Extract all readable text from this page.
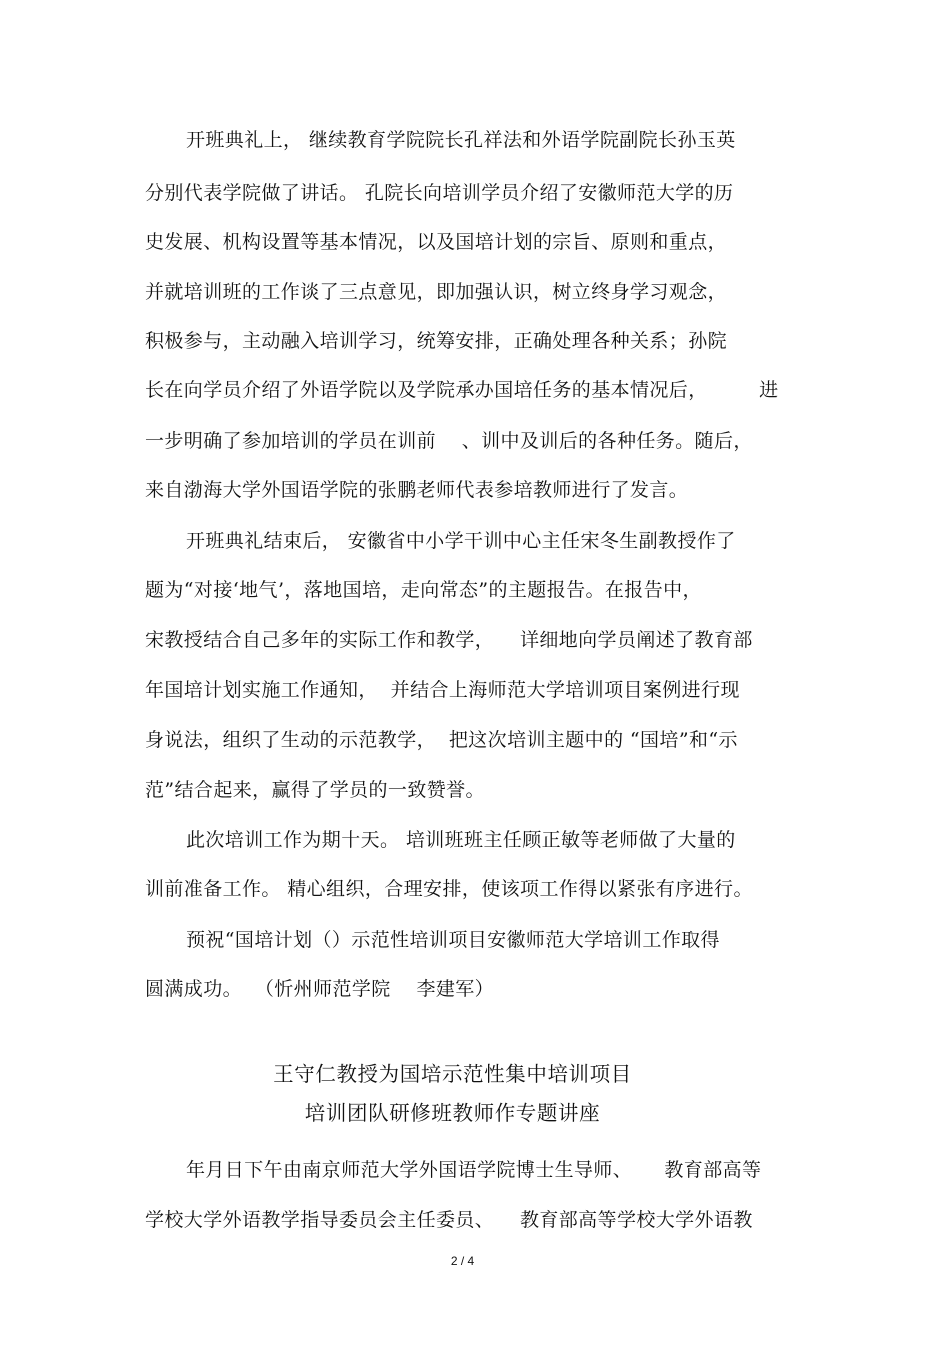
开班典礼上， 继续教育学院院长孔祥法和外语学院副院长孙玉英
分别代表学院做了讲话。 孔院长向培训学员介绍了安徽师范大学的历
史发展、机构设置等基本情况，以及国培计划的宗旨、原则和重点，
并就培训班的工作谈了三点意见，即加强认识，树立终身学习观念，
积极参与，主动融入培训学习，统筹安排，正确处理各种关系；孙院
长在向学员介绍了外语学院以及学院承办国培任务的基本情况后，        进
一步明确了参加培训的学员在训前    、训中及训后的各种任务。随后，
来自渤海大学外国语学院的张鹏老师代表参培教师进行了发言。
开班典礼结束后， 安徽省中小学干训中心主任宋冬生副教授作了
题为“对接‘地气’，落地国培，走向常态”的主题报告。在报告中，
宋教授结合自己多年的实际工作和教学，    详细地向学员阐述了教育部
年国培计划实施工作通知，  并结合上海师范大学培训项目案例进行现
身说法，组织了生动的示范教学，  把这次培训主题中的 “国培”和“示
范”结合起来，赢得了学员的一致赞誉。
此次培训工作为期十天。 培训班班主任顾正敏等老师做了大量的
训前准备工作。 精心组织，合理安排，使该项工作得以紧张有序进行。
预祝“国培计划（）示范性培训项目安徽师范大学培训工作取得
圆满成功。  （忻州师范学院    李建军）
王守仁教授为国培示范性集中培训项目
培训团队研修班教师作专题讲座
年月日下午由南京师范大学外国语学院博士生导师、     教育部高等
学校大学外语教学指导委员会主任委员、    教育部高等学校大学外语教
2 / 4
